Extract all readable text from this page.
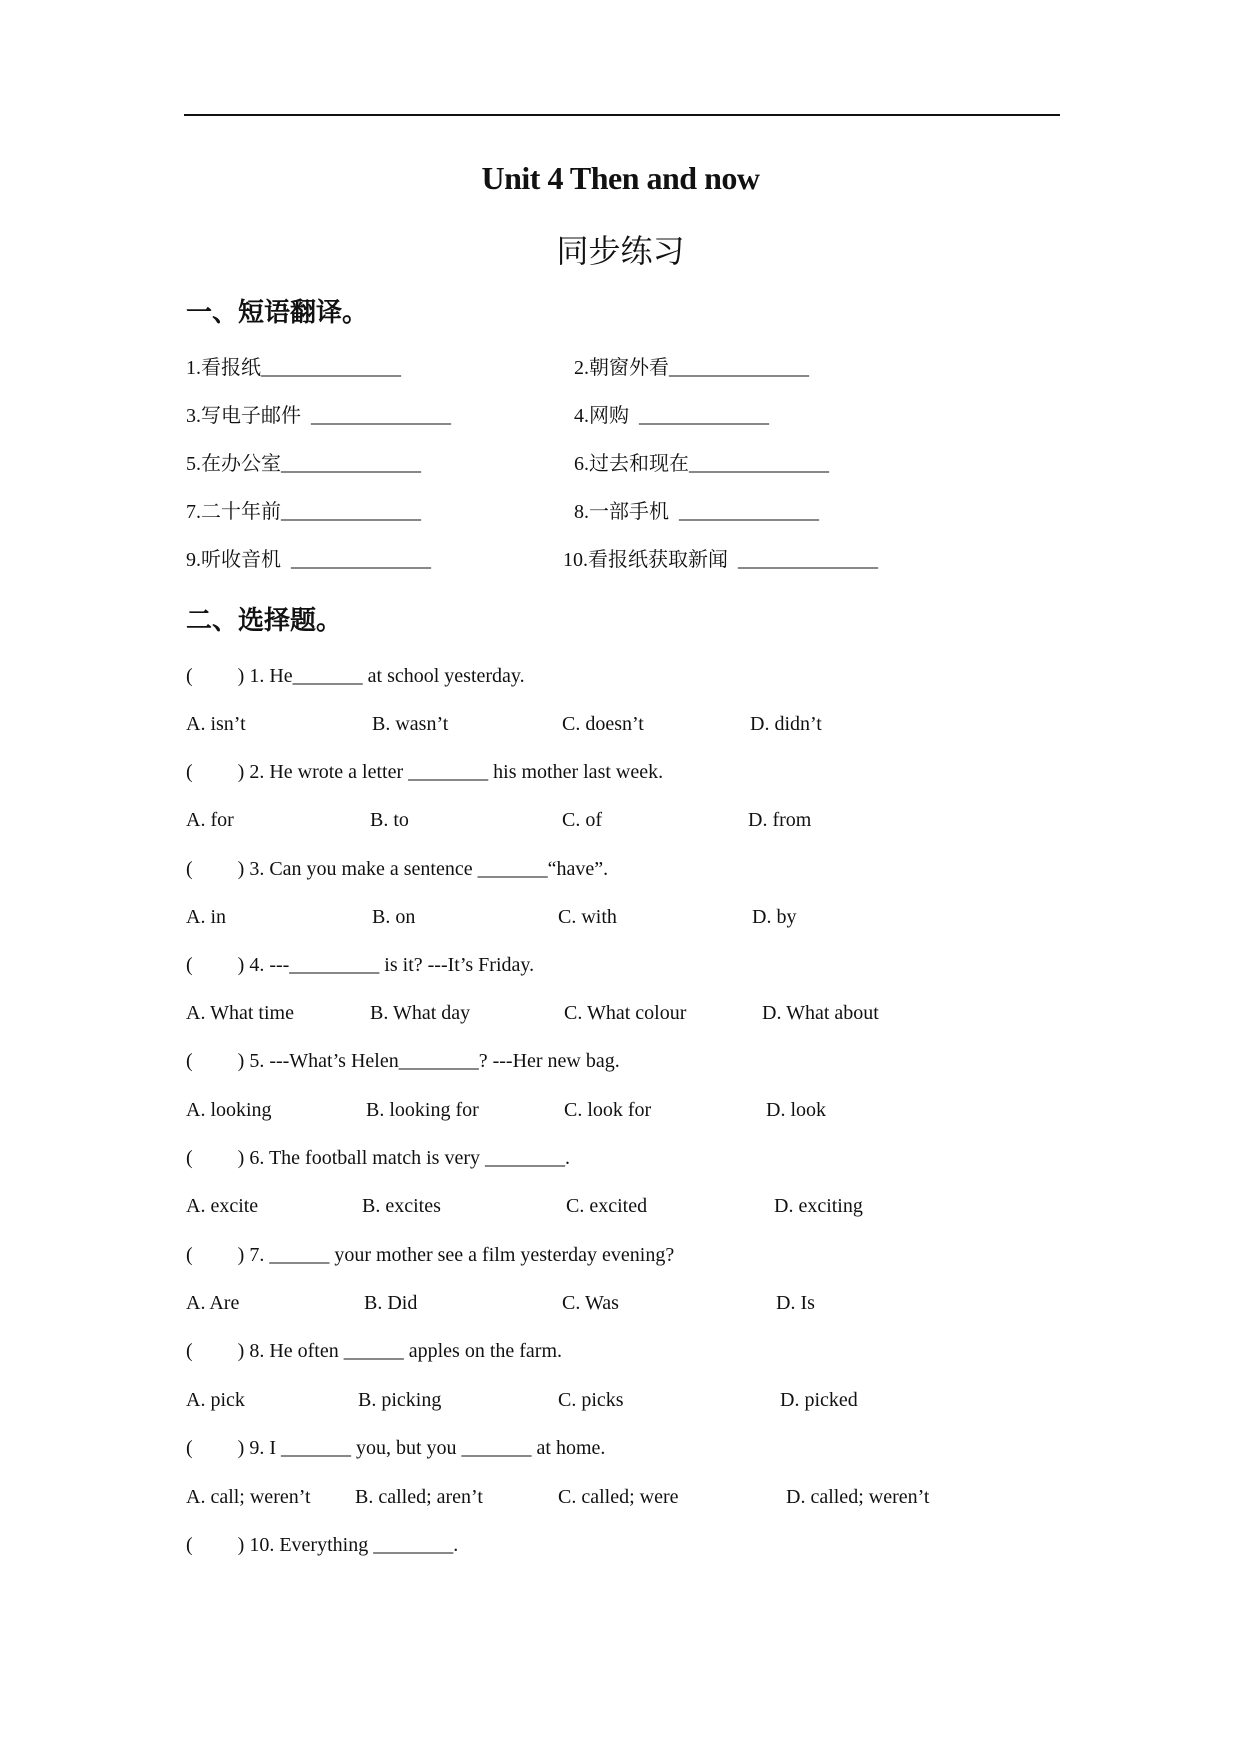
Unit 4 Then and now
同步练习
一、短语翻译。
1.看报纸______________	2.朝窗外看______________
3.写电子邮件  ______________	4.网购  _____________
5.在办公室______________	6.过去和现在______________
7.二十年前______________	8.一部手机  ______________
9.听收音机  ______________	10.看报纸获取新闻  ______________
二、选择题。
(         ) 1. He_______ at school yesterday.
A. isn’t	B. wasn’t	C. doesn’t	D. didn’t
(         ) 2. He wrote a letter ________ his mother last week.
A. for	B. to	C. of	D. from
(         ) 3. Can you make a sentence _______“have”.
A. in	B. on	C. with	D. by
(         ) 4. ---_________ is it? ---It’s Friday.
A. What time	B. What day	C. What colour	D. What about
(         ) 5. ---What’s Helen________? ---Her new bag.
A. looking	B. looking for	C. look for	D. look
(         ) 6. The football match is very ________.
A. excite	B. excites	C. excited	D. exciting
(         ) 7. ______ your mother see a film yesterday evening?
A. Are	B. Did	C. Was	D. Is
(         ) 8. He often ______ apples on the farm.
A. pick	B. picking	C. picks	D. picked
(         ) 9. I _______ you, but you _______ at home.
A. call; weren’t B. called; aren’t	C. called; were	D. called; weren’t
(         ) 10. Everything ________.
